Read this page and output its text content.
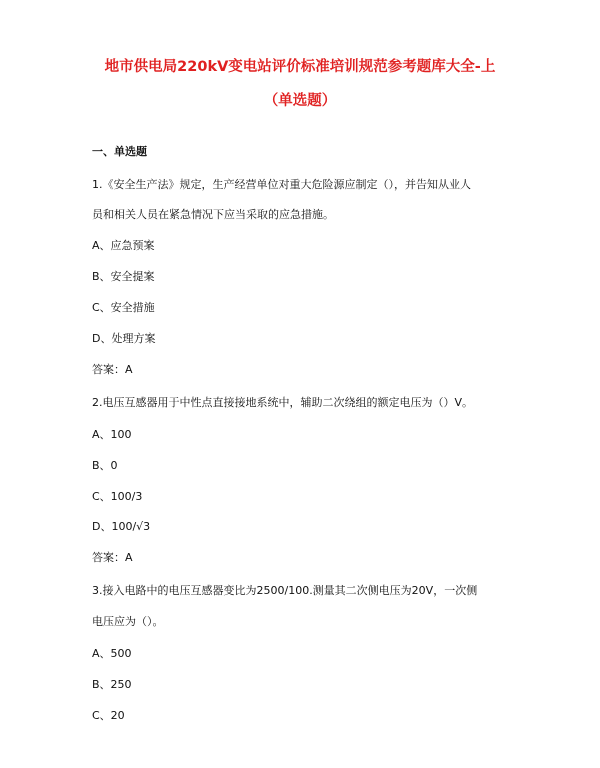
地市供电局220kV变电站评价标准培训规范参考题库大全-上
（单选题）
一、单选题
1.《安全生产法》规定，生产经营单位对重大危险源应制定（），并告知从业人
员和相关人员在紧急情况下应当采取的应急措施。
A、应急预案
B、安全提案
C、安全措施
D、处理方案
答案：A
2.电压互感器用于中性点直接接地系统中，辅助二次绕组的额定电压为（）V。
A、100
B、0
C、100/3
D、100/√3
答案：A
3.接入电路中的电压互感器变比为2500/100.测量其二次侧电压为20V，一次侧
电压应为（）。
A、500
B、250
C、20
